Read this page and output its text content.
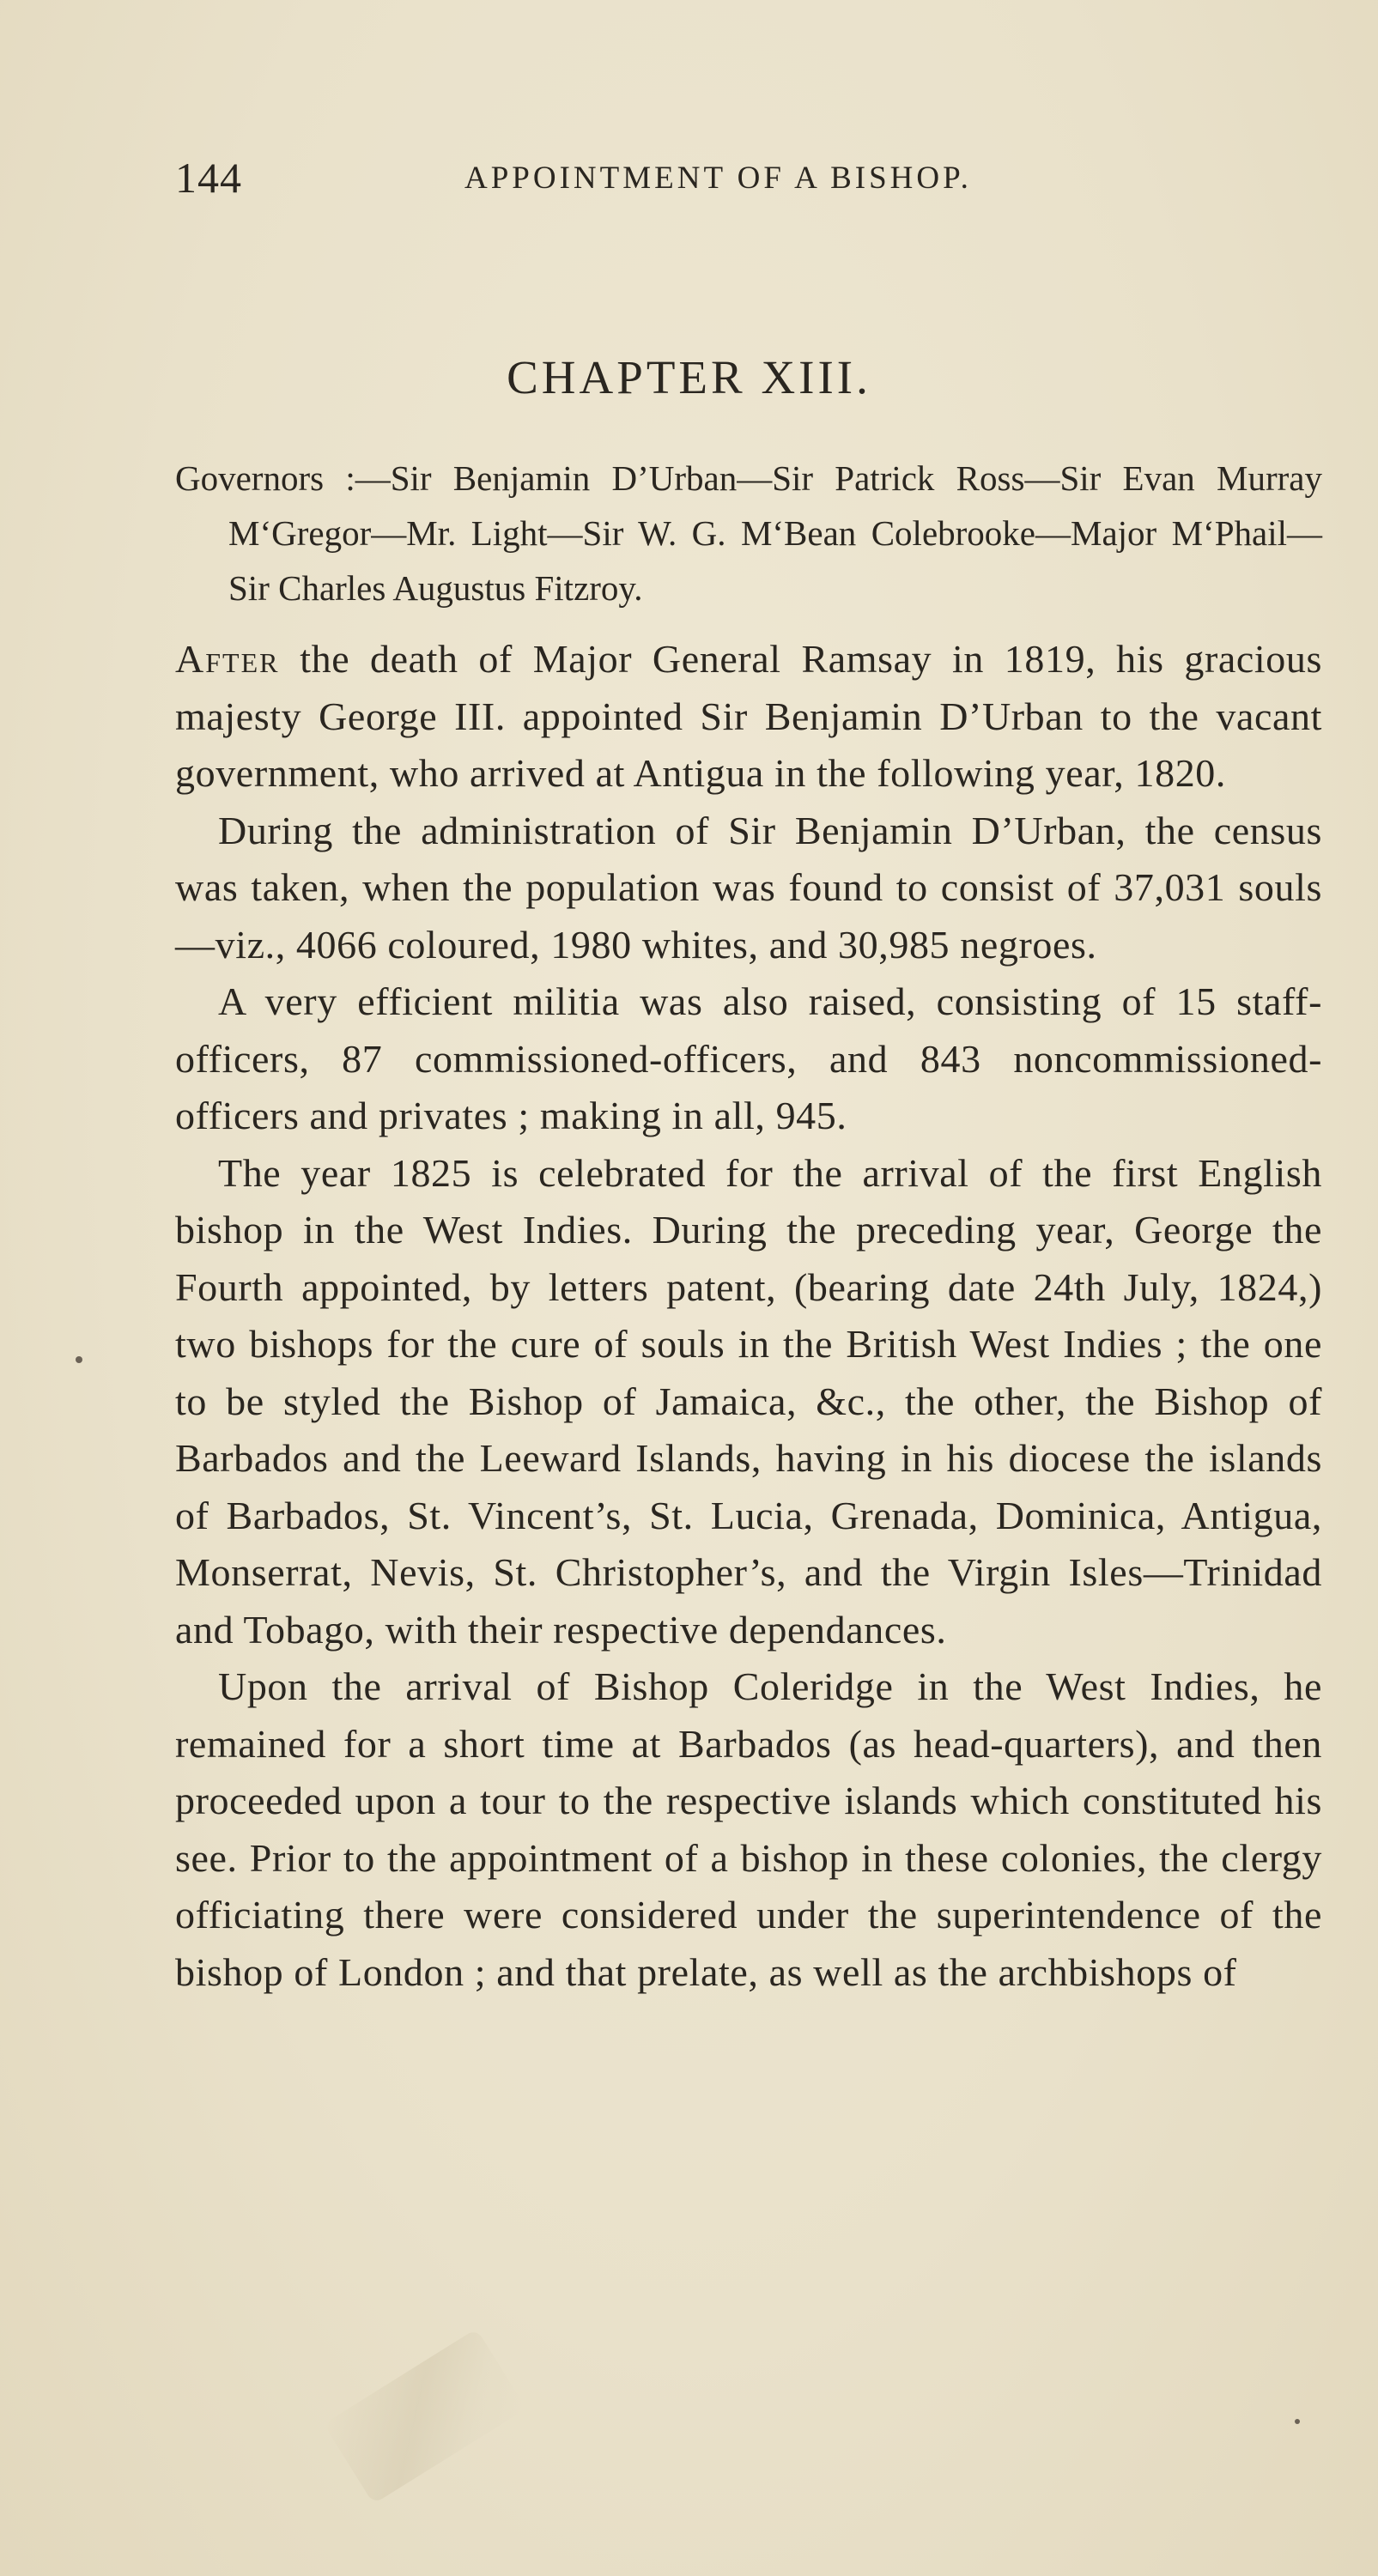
144	APPOINTMENT OF A BISHOP.
CHAPTER XIII.
Governors :—Sir Benjamin D’Urban—Sir Patrick Ross—Sir Evan Murray M‘Gregor—Mr. Light—Sir W. G. M‘Bean Colebrooke—Major M‘Phail—Sir Charles Augustus Fitzroy.

After the death of Major General Ramsay in 1819, his gracious majesty George III. appointed Sir Benjamin D’Urban to the vacant government, who arrived at Antigua in the following year, 1820.

During the administration of Sir Benjamin D’Urban, the census was taken, when the population was found to consist of 37,031 souls—viz., 4066 coloured, 1980 whites, and 30,985 negroes.

A very efficient militia was also raised, consisting of 15 staff-officers, 87 commissioned-officers, and 843 noncommissioned-officers and privates ; making in all, 945.

The year 1825 is celebrated for the arrival of the first English bishop in the West Indies. During the preceding year, George the Fourth appointed, by letters patent, (bearing date 24th July, 1824,) two bishops for the cure of souls in the British West Indies ; the one to be styled the Bishop of Jamaica, &c., the other, the Bishop of Barbados and the Leeward Islands, having in his diocese the islands of Barbados, St. Vincent’s, St. Lucia, Grenada, Dominica, Antigua, Monserrat, Nevis, St. Christopher’s, and the Virgin Isles—Trinidad and Tobago, with their respective dependances.

Upon the arrival of Bishop Coleridge in the West Indies, he remained for a short time at Barbados (as head-quarters), and then proceeded upon a tour to the respective islands which constituted his see. Prior to the appointment of a bishop in these colonies, the clergy officiating there were considered under the superintendence of the bishop of London ; and that prelate, as well as the archbishops of
